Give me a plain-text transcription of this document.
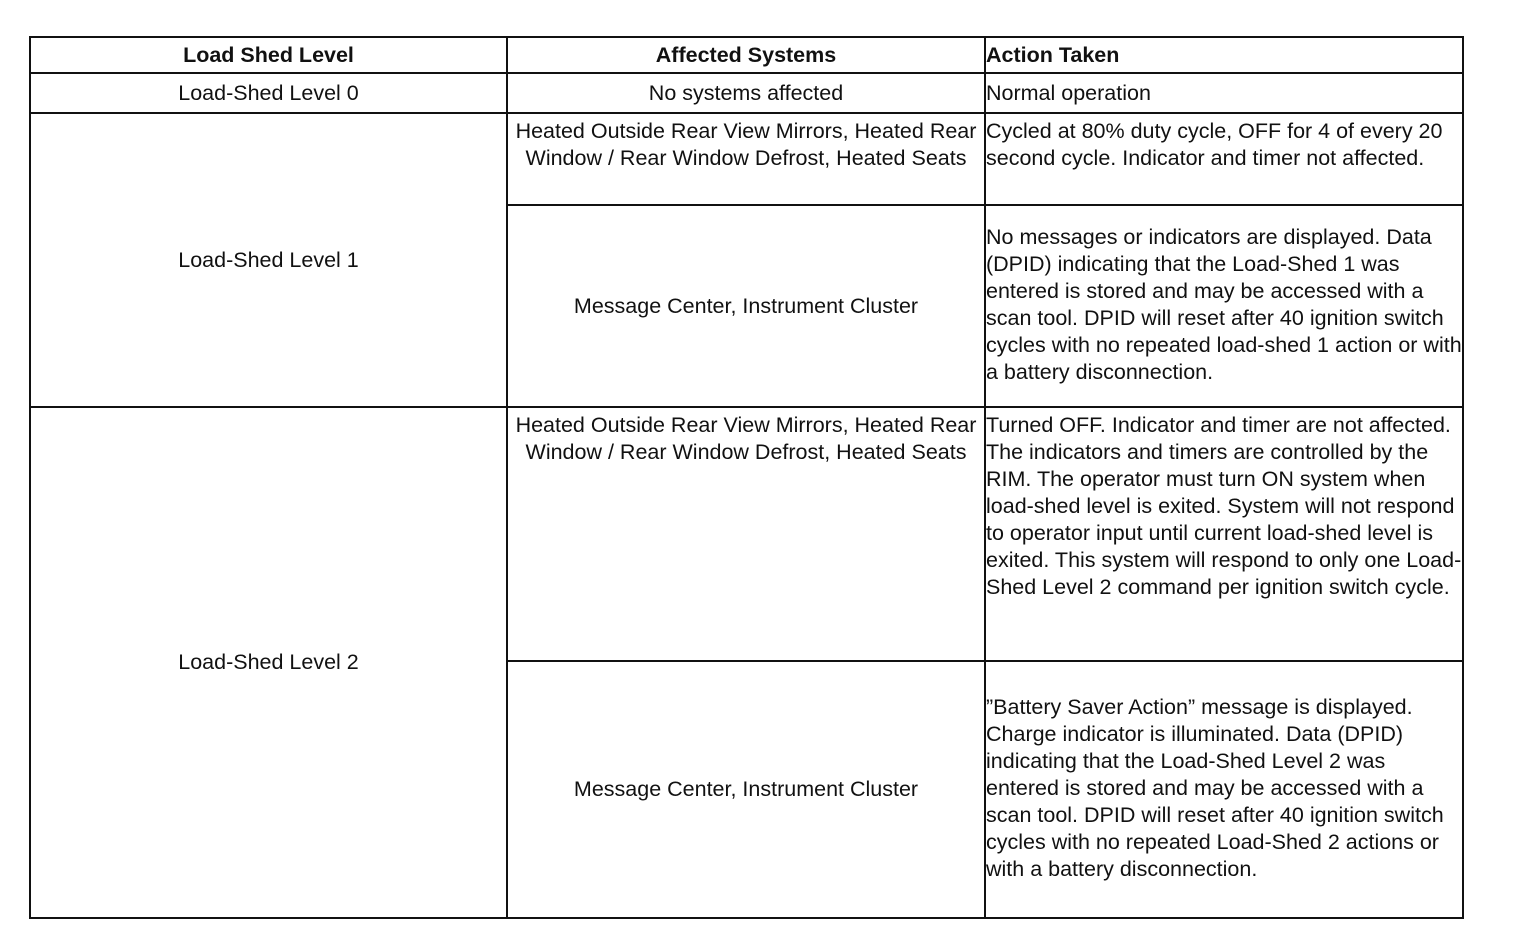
Load Shed Level	Affected Systems	Action Taken
Load-Shed Level 0	No systems affected	Normal operation
Load-Shed Level 1	Heated Outside Rear View Mirrors, Heated Rear Window / Rear Window Defrost, Heated Seats	Cycled at 80% duty cycle, OFF for 4 of every 20 second cycle. Indicator and timer not affected.

	Message Center, Instrument Cluster	No messages or indicators are displayed. Data (DPID) indicating that the Load-Shed 1 was entered is stored and may be accessed with a scan tool. DPID will reset after 40 ignition switch cycles with no repeated load-shed 1 action or with a battery disconnection.

Load-Shed Level 2	Heated Outside Rear View Mirrors, Heated Rear Window / Rear Window Defrost, Heated Seats	Turned OFF. Indicator and timer are not affected. The indicators and timers are controlled by the RIM. The operator must turn ON system when load-shed level is exited. System will not respond to operator input until current load-shed level is exited. This system will respond to only one Load-Shed Level 2 command per ignition switch cycle.

	Message Center, Instrument Cluster	”Battery Saver Action” message is displayed. Charge indicator is illuminated. Data (DPID) indicating that the Load-Shed Level 2 was entered is stored and may be accessed with a scan tool. DPID will reset after 40 ignition switch cycles with no repeated Load-Shed 2 actions or with a battery disconnection.
